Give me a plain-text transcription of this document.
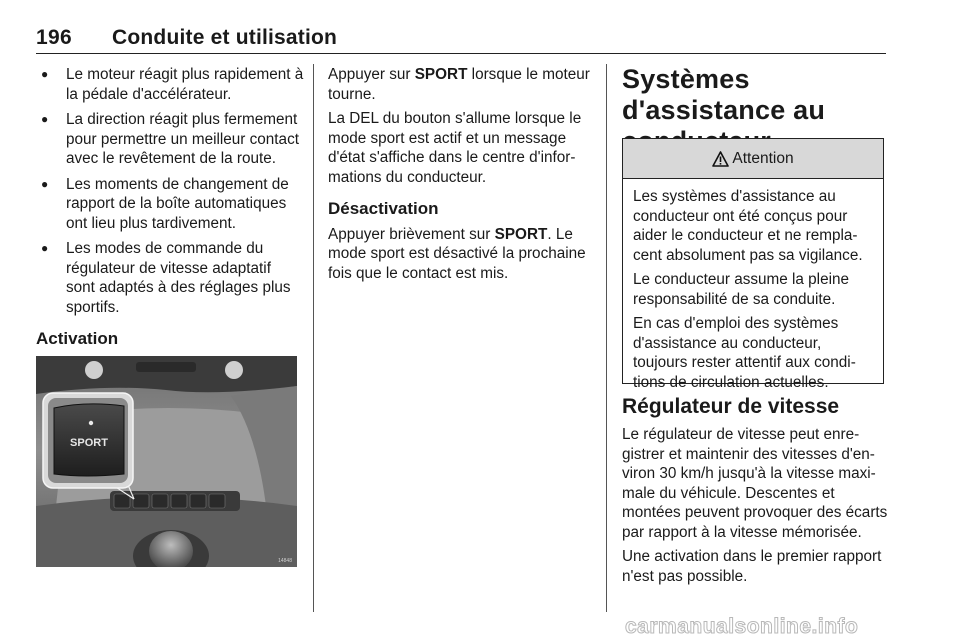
196 Conduite et utilisation
● Le moteur réagit plus rapidement à la pédale d'accélérateur.
● La direction réagit plus fermement pour permettre un meilleur contact avec le revêtement de la route.
● Les moments de changement de rapport de la boîte automatiques ont lieu plus tardivement.
● Les modes de commande du régulateur de vitesse adaptatif sont adaptés à des réglages plus sportifs.

Activation

SPORT
14848

Appuyer sur SPORT lorsque le moteur tourne.

La DEL du bouton s'allume lorsque le mode sport est actif et un message d'état s'affiche dans le centre d'informations du conducteur.

Désactivation

Appuyer brièvement sur SPORT. Le mode sport est désactivé la prochaine fois que le contact est mis.

Systèmes d'assistance au

Attention

Les systèmes d'assistance au conducteur ont été conçus pour aider le conducteur et ne remplacent absolument pas sa vigilance.

Le conducteur assume la pleine responsabilité de sa conduite.

En cas d'emploi des systèmes d'assistance au conducteur, toujours rester attentif aux conditions de circulation actuelles.

Régulateur de vitesse

Le régulateur de vitesse peut enregistrer et maintenir des vitesses d'environ 30 km/h jusqu'à la vitesse maximale du véhicule. Descentes et montées peuvent provoquer des écarts par rapport à la vitesse mémorisée.

Une activation dans le premier rapport n'est pas possible.

carmanualsonline.info
